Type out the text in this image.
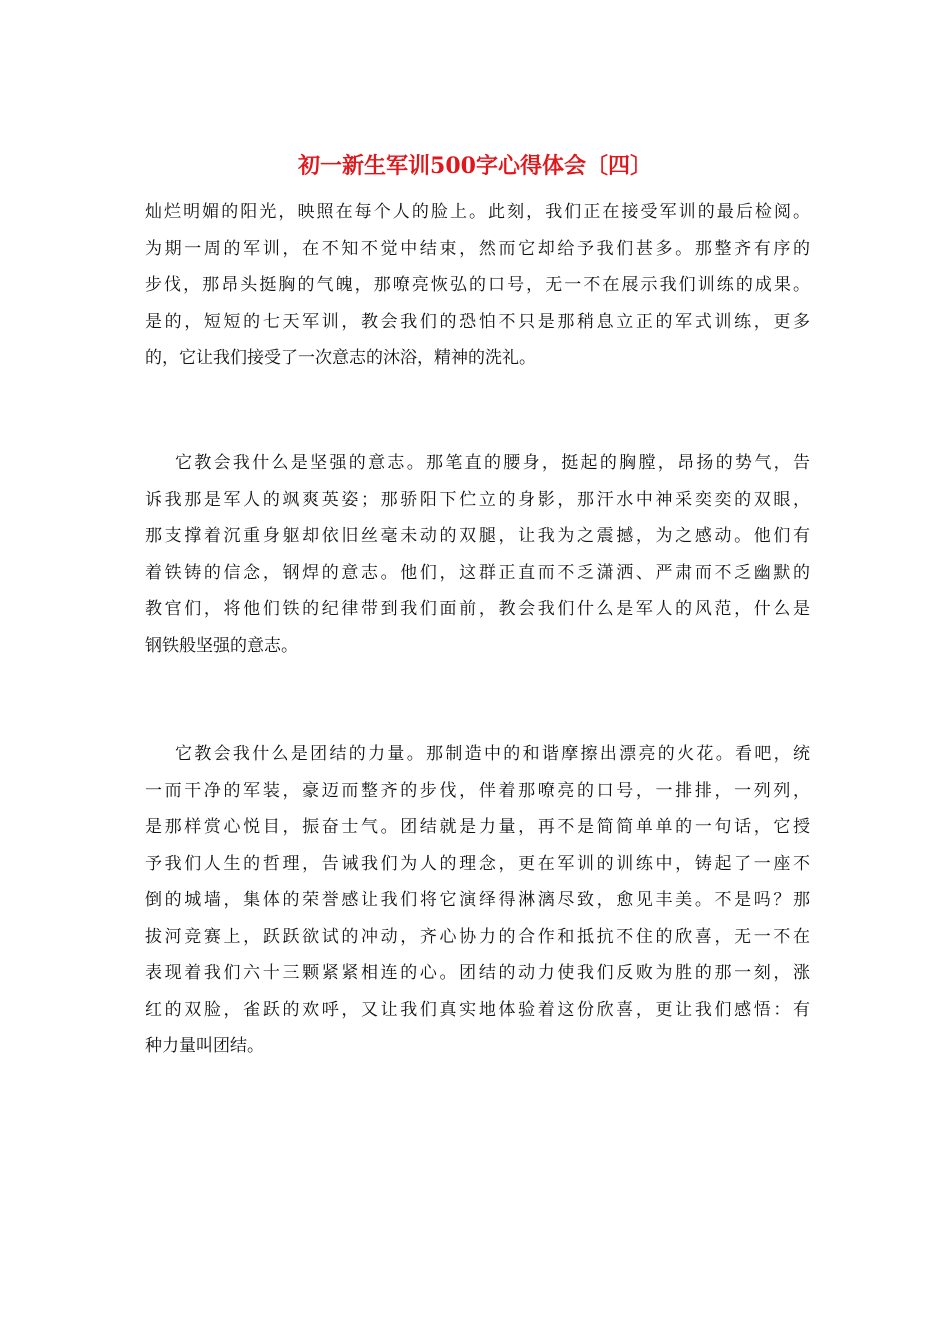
初一新生军训500字心得体会〔四〕
灿烂明媚的阳光，映照在每个人的脸上。此刻，我们正在接受军训的最后检阅。
为期一周的军训，在不知不觉中结束，然而它却给予我们甚多。那整齐有序的
步伐，那昂头挺胸的气魄，那嘹亮恢弘的口号，无一不在展示我们训练的成果。
是的，短短的七天军训，教会我们的恐怕不只是那稍息立正的军式训练，更多
的，它让我们接受了一次意志的沐浴，精神的洗礼。
它教会我什么是坚强的意志。那笔直的腰身，挺起的胸膛，昂扬的势气，告
诉我那是军人的飒爽英姿；那骄阳下伫立的身影，那汗水中神采奕奕的双眼，
那支撑着沉重身躯却依旧丝毫未动的双腿，让我为之震撼，为之感动。他们有
着铁铸的信念，钢焊的意志。他们，这群正直而不乏潇洒、严肃而不乏幽默的
教官们，将他们铁的纪律带到我们面前，教会我们什么是军人的风范，什么是
钢铁般坚强的意志。
它教会我什么是团结的力量。那制造中的和谐摩擦出漂亮的火花。看吧，统
一而干净的军装，豪迈而整齐的步伐，伴着那嘹亮的口号，一排排，一列列，
是那样赏心悦目，振奋士气。团结就是力量，再不是简简单单的一句话，它授
予我们人生的哲理，告诫我们为人的理念，更在军训的训练中，铸起了一座不
倒的城墙，集体的荣誉感让我们将它演绎得淋漓尽致，愈见丰美。不是吗？那
拔河竞赛上，跃跃欲试的冲动，齐心协力的合作和抵抗不住的欣喜，无一不在
表现着我们六十三颗紧紧相连的心。团结的动力使我们反败为胜的那一刻，涨
红的双脸，雀跃的欢呼，又让我们真实地体验着这份欣喜，更让我们感悟：有
种力量叫团结。
